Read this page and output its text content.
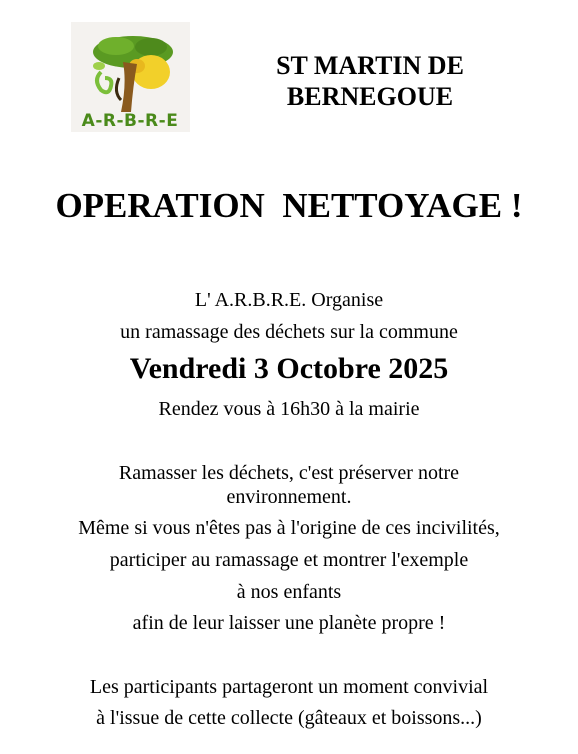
A-R-B-R-E
ST MARTIN DE
BERNEGOUE
OPERATION  NETTOYAGE !
L' A.R.B.R.E. Organise
un ramassage des déchets sur la commune
Vendredi 3 Octobre 2025
Rendez vous à 16h30 à la mairie
Ramasser les déchets, c'est préserver notre
environnement.
Même si vous n'êtes pas à l'origine de ces incivilités,
participer au ramassage et montrer l'exemple
à nos enfants
afin de leur laisser une planète propre !
Les participants partageront un moment convivial
à l'issue de cette collecte (gâteaux et boissons...)
